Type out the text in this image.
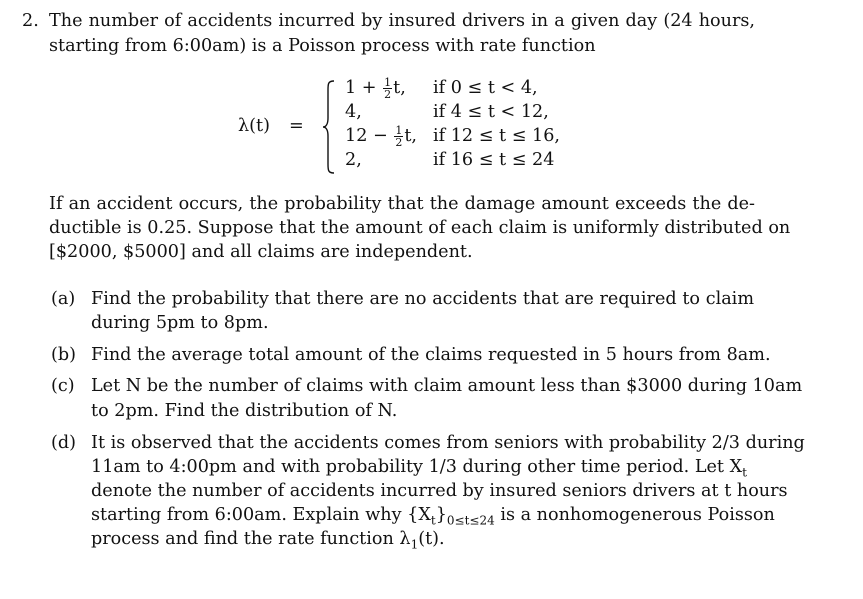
2. The number of accidents incurred by insured drivers in a given day (24 hours,
starting from 6:00am) is a Poisson process with rate function
λ(t) =
$1 + \frac{1}{2} t$, if 0 ≤ t < 4,
4,	if 4 ≤ t < 12,
$12 - \frac{1}{2} t$, if 12 ≤ t ≤ 16,
2,	if 16 ≤ t ≤ 24
If an accident occurs, the probability that the damage amount exceeds the de-
ductible is 0.25. Suppose that the amount of each claim is uniformly distributed on
[$2000, $5000] and all claims are independent.
(a) Find the probability that there are no accidents that are required to claim
during 5pm to 8pm.
(b) Find the average total amount of the claims requested in 5 hours from 8am.
(c) Let N be the number of claims with claim amount less than $3000 during 10am
to 2pm. Find the distribution of N.
(d) It is observed that the accidents comes from seniors with probability 2/3 during
11am to 4:00pm and with probability 1/3 during other time period. Let $X_t$
denote the number of accidents incurred by insured seniors drivers at t hours
starting from 6:00am. Explain why $\{X_t\}_{0\le t\le 24}$ is a nonhomogenerous Poisson
process and find the rate function $\lambda_1(t)$.
